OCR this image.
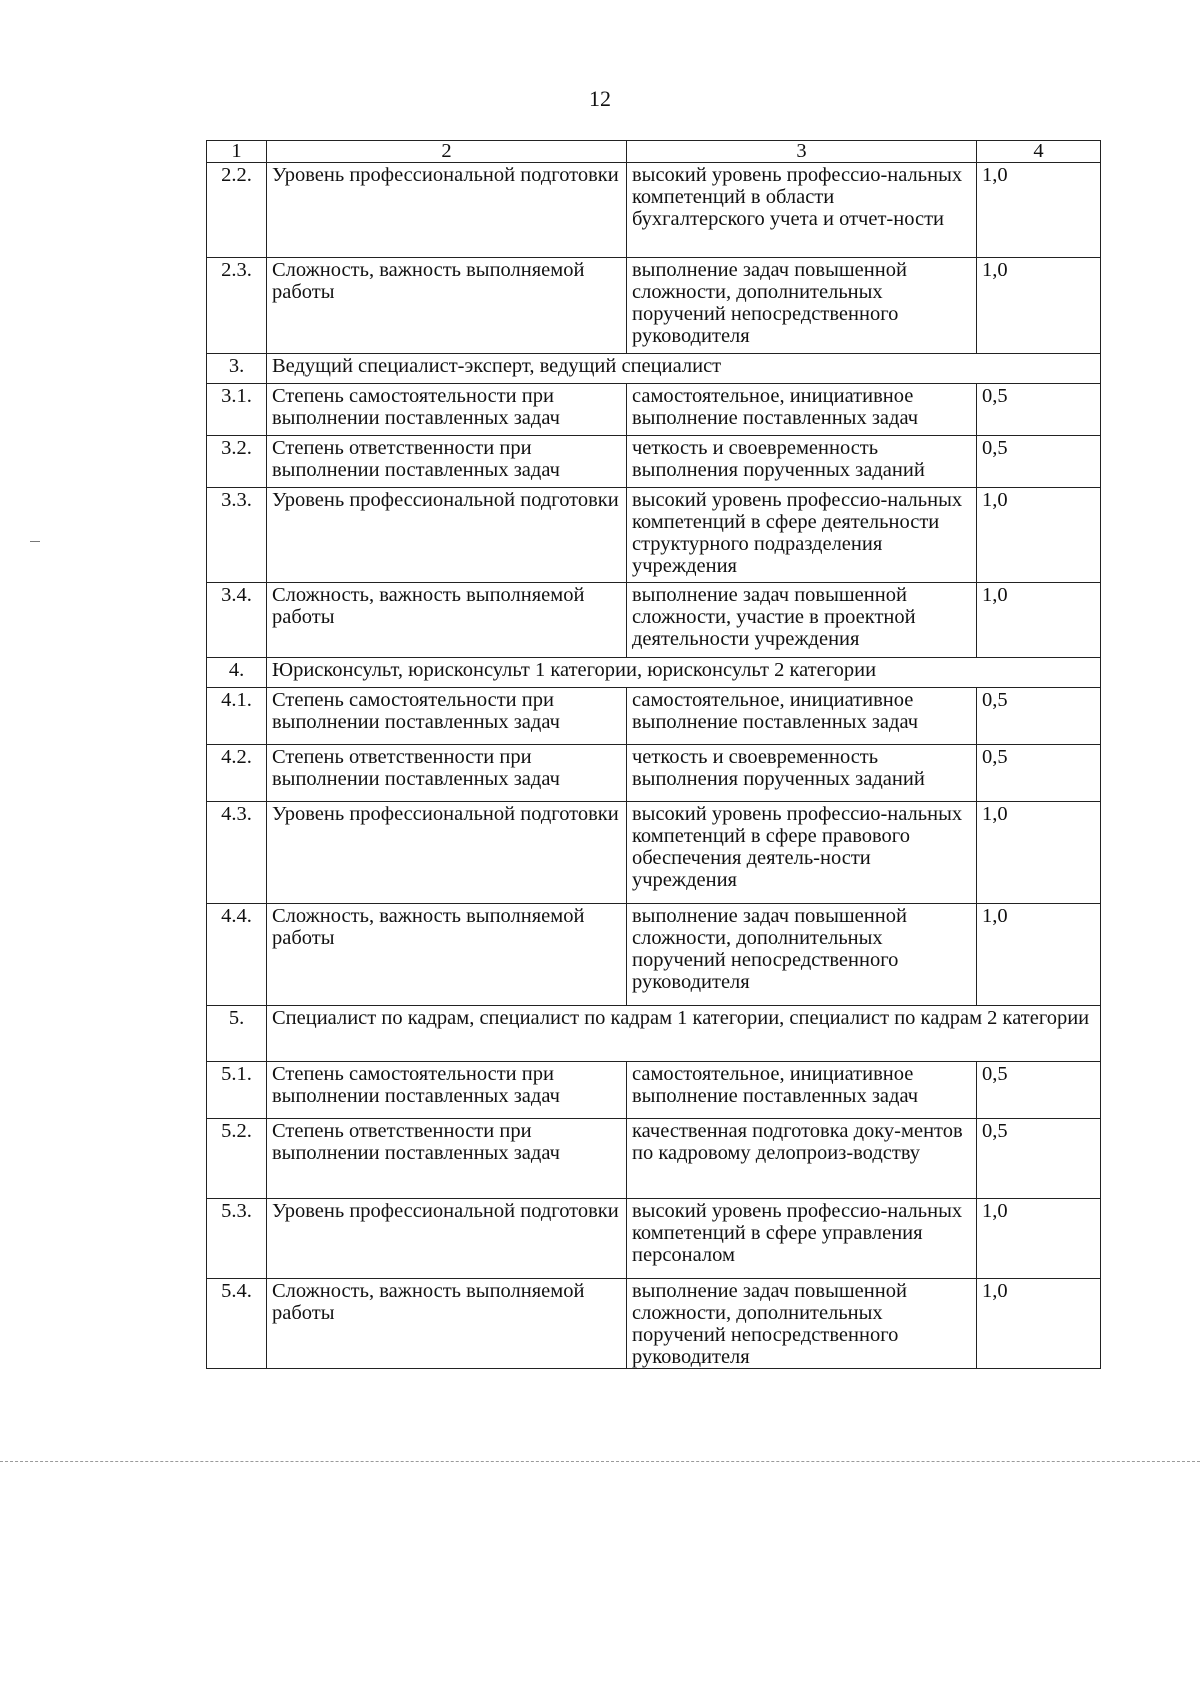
12
1	2	3	4
2.2.	Уровень профессиональной подготовки	высокий уровень профессио-нальных компетенций в области бухгалтерского учета и отчет-ности	1,0
2.3.	Сложность, важность выполняемой работы	выполнение задач повышенной сложности, дополнительных поручений непосредственного руководителя	1,0
3.	Ведущий специалист-эксперт, ведущий специалист		
3.1.	Степень самостоятельности при выполнении поставленных задач	самостоятельное, инициативное выполнение поставленных задач	0,5
3.2.	Степень ответственности при выполнении поставленных задач	четкость и своевременность выполнения порученных заданий	0,5
3.3.	Уровень профессиональной подготовки	высокий уровень профессио-нальных компетенций в сфере деятельности структурного подразделения учреждения	1,0
3.4.	Сложность, важность выполняемой работы	выполнение задач повышенной сложности, участие в проектной деятельности учреждения	1,0
4.	Юрисконсульт, юрисконсульт 1 категории, юрисконсульт 2 категории		
4.1.	Степень самостоятельности при выполнении поставленных задач	самостоятельное, инициативное выполнение поставленных задач	0,5
4.2.	Степень ответственности при выполнении поставленных задач	четкость и своевременность выполнения порученных заданий	0,5
4.3.	Уровень профессиональной подготовки	высокий уровень профессио-нальных компетенций в сфере правового обеспечения деятель-ности учреждения	1,0
4.4.	Сложность, важность выполняемой работы	выполнение задач повышенной сложности, дополнительных поручений непосредственного руководителя	1,0
5.	Специалист по кадрам, специалист по кадрам 1 категории, специалист по кадрам 2 категории		
5.1.	Степень самостоятельности при выполнении поставленных задач	самостоятельное, инициативное выполнение поставленных задач	0,5
5.2.	Степень ответственности при выполнении поставленных задач	качественная подготовка доку-ментов по кадровому делопроиз-водству	0,5
5.3.	Уровень профессиональной подготовки	высокий уровень профессио-нальных компетенций в сфере управления персоналом	1,0
5.4.	Сложность, важность выполняемой работы	выполнение задач повышенной сложности, дополнительных поручений непосредственного руководителя	1,0
